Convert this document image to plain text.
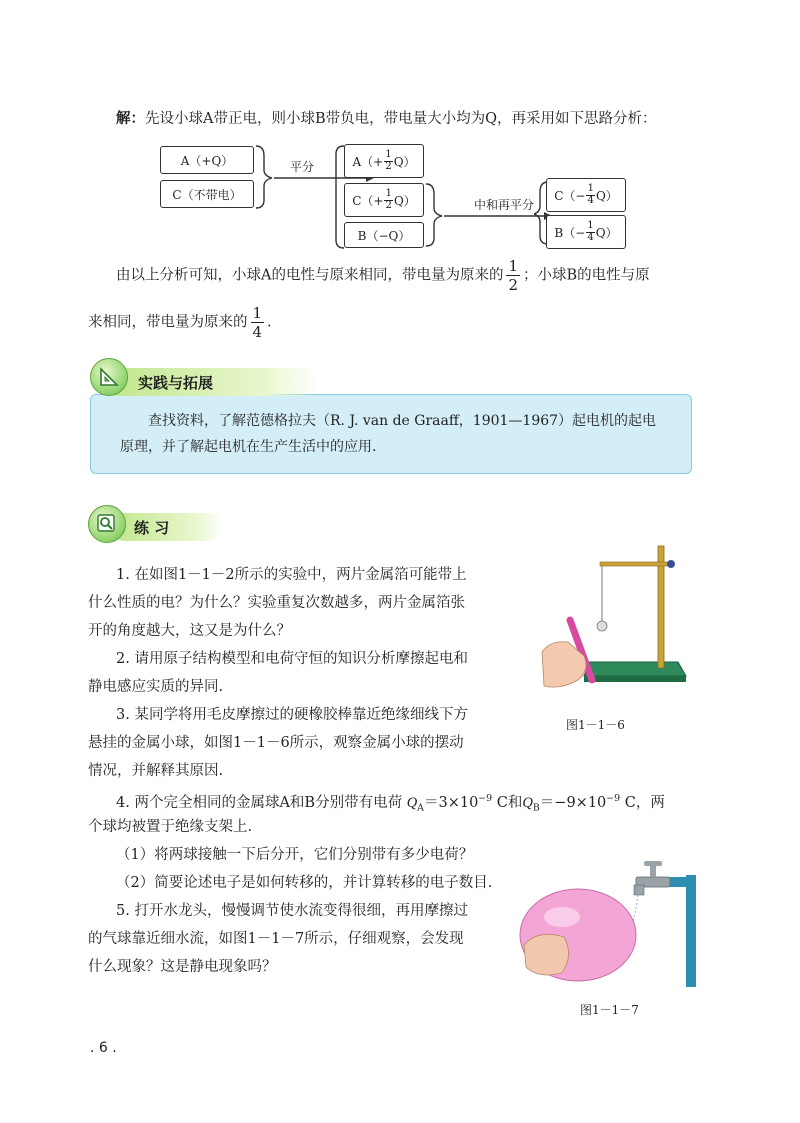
解：先设小球A带正电，则小球B带负电，带电量大小均为Q，再采用如下思路分析：
A（+Q）
C（不带电）
平分	$A(+ \frac{1}{2} Q)$
$C(+ \frac{1}{2} Q)$
B（−Q）
中和再平分
$C(- \frac{1}{4} Q)$
$B(- \frac{1}{4} Q)$
由以上分析可知，小球A的电性与原来相同，带电量为原来的 $\frac{1}{2}$ ；小球B的电性与原
来相同，带电量为原来的 $\frac{1}{4}$ .
实践与拓展
查找资料，了解范德格拉夫（R. J. van de Graaff，1901—1967）起电机的起电
原理，并了解起电机在生产生活中的应用.
练 习
1. 在如图1－1－2所示的实验中，两片金属箔可能带上
什么性质的电？为什么？实验重复次数越多，两片金属箔张
开的角度越大，这又是为什么？
2. 请用原子结构模型和电荷守恒的知识分析摩擦起电和
静电感应实质的异同.
3. 某同学将用毛皮摩擦过的硬橡胶棒靠近绝缘细线下方
悬挂的金属小球，如图1－1－6所示，观察金属小球的摆动
情况，并解释其原因.
4. 两个完全相同的金属球A和B分别带有电荷 $Q_A=3\times 10^{-9}$ C和$Q_B=-9\times 10^{-9}$ C，两
个球均被置于绝缘支架上.
（1）将两球接触一下后分开，它们分别带有多少电荷？
（2）简要论述电子是如何转移的，并计算转移的电子数目.
5. 打开水龙头，慢慢调节使水流变得很细，再用摩擦过
的气球靠近细水流，如图1－1－7所示，仔细观察，会发现
什么现象？这是静电现象吗？
图1－1－6
图1－1－7
. 6 .
